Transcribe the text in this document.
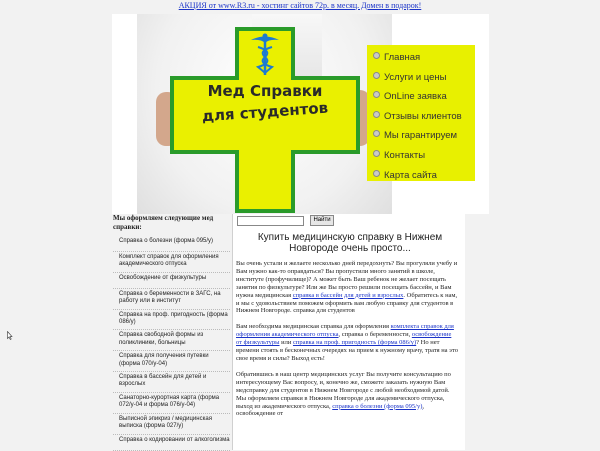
АКЦИЯ от www.R3.ru - хостинг сайтов 72р. в месяц. Домен в подарок!
Мед Справки
для студентов
Главная
Услуги и цены
OnLine заявка
Отзывы клиентов
Мы гарантируем
Контакты
Карта сайта
Мы оформляем следующие мед справки:
Справка о болезни (форма 095/у)
Комплект справок для оформления академического отпуска
Освобождение от физкультуры
Справка о беременности в ЗАГС, на работу или в институт
Справка на проф. пригодность (форма 086/у)
Справка свободной формы из поликлиники, больницы
Справка для получения путевки (форма 070/у-04)
Справка в бассейн для детей и взрослых
Санаторно-курортная карта (форма 072/у-04 и форма 076/у-04)
Выписной эпикриз / медицинская выписка (форма 027/у)
Справка о кодировании от алкоголизма
Найти
Купить медицинскую справку в Нижнем Новгороде очень просто...

Вы очень устали и желаете несколько дней передохнуть? Вы прогуляли учебу и Вам нужно как-то оправдаться? Вы пропустили много занятий в школе, институте (профучилище)? А может быть Ваш ребенок не желает посещать занятия по физкультуре? Или же Вы просто решили посещать бассейн, и Вам нужна медицинская справка в бассейн для детей и взрослых. Обратитесь к нам, и мы с удовольствием поможем оформить вам любую справку для студентов в Нижнем Новгороде. справка для студентов

Вам необходима медицинская справка для оформления комплекта справок для оформления академического отпуска, справка о беременности, освобождение от физкультуры или справка на проф. пригодность (форма 086/у)? Но нет времени стоять в бесконечных очередях на прием к нужному врачу, тратя на это свое время и силы? Выход есть!

Обратившись в наш центр медицинских услуг Вы получите консультацию по интересующему Вас вопросу, и, конечно же, сможете заказать нужную Вам медсправку для студентов в Нижнем Новгороде с любой необходимой датой. Мы оформляем справки в Нижнем Новгороде для академического отпуска, выход из академического отпуска, справка о болезни (форма 095/у), освобождение от
